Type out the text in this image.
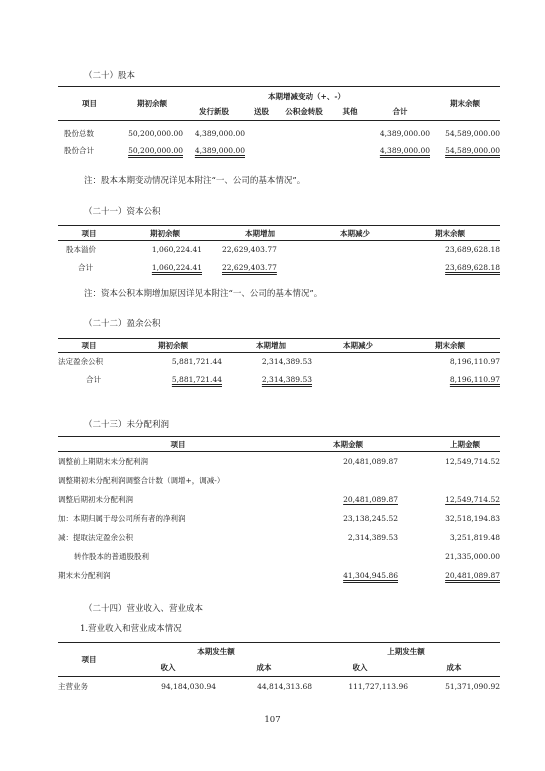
（二十）股本
项目	期初余额	本期增减变动（+、-）					期末余额
		发行新股	送股	公积金转股	其他	合计	

股份总数	50,200,000.00	4,389,000.00				4,389,000.00	54,589,000.00
股份合计	50,200,000.00	4,389,000.00				4,389,000.00	54,589,000.00
注：股本本期变动情况详见本附注“一、公司的基本情况”。
（二十一）资本公积
项目	期初余额	本期增加	本期减少	期末余额
股本溢价	1,060,224.41	22,629,403.77		23,689,628.18
合计	1,060,224.41	22,629,403.77		23,689,628.18
注：资本公积本期增加原因详见本附注“一、公司的基本情况”。
（二十二）盈余公积
项目	期初余额	本期增加	本期减少	期末余额
法定盈余公积	5,881,721.44	2,314,389.53		8,196,110.97
合计	5,881,721.44	2,314,389.53		8,196,110.97
（二十三）未分配利润
项目	本期金额	上期金额
调整前上期期末未分配利润	20,481,089.87	12,549,714.52
调整期初未分配利润调整合计数（调增+，调减-）		
调整后期初未分配利润	20,481,089.87	12,549,714.52
加：本期归属于母公司所有者的净利润	23,138,245.52	32,518,194.83
减：提取法定盈余公积	2,314,389.53	3,251,819.48
转作股本的普通股股利		21,335,000.00
期末未分配利润	41,304,945.86	20,481,089.87
（二十四）营业收入、营业成本
1.营业收入和营业成本情况
项目	本期发生额		上期发生额	
	收入	成本	收入	成本
主营业务	94,184,030.94	44,814,313.68	111,727,113.96	51,371,090.92
107
